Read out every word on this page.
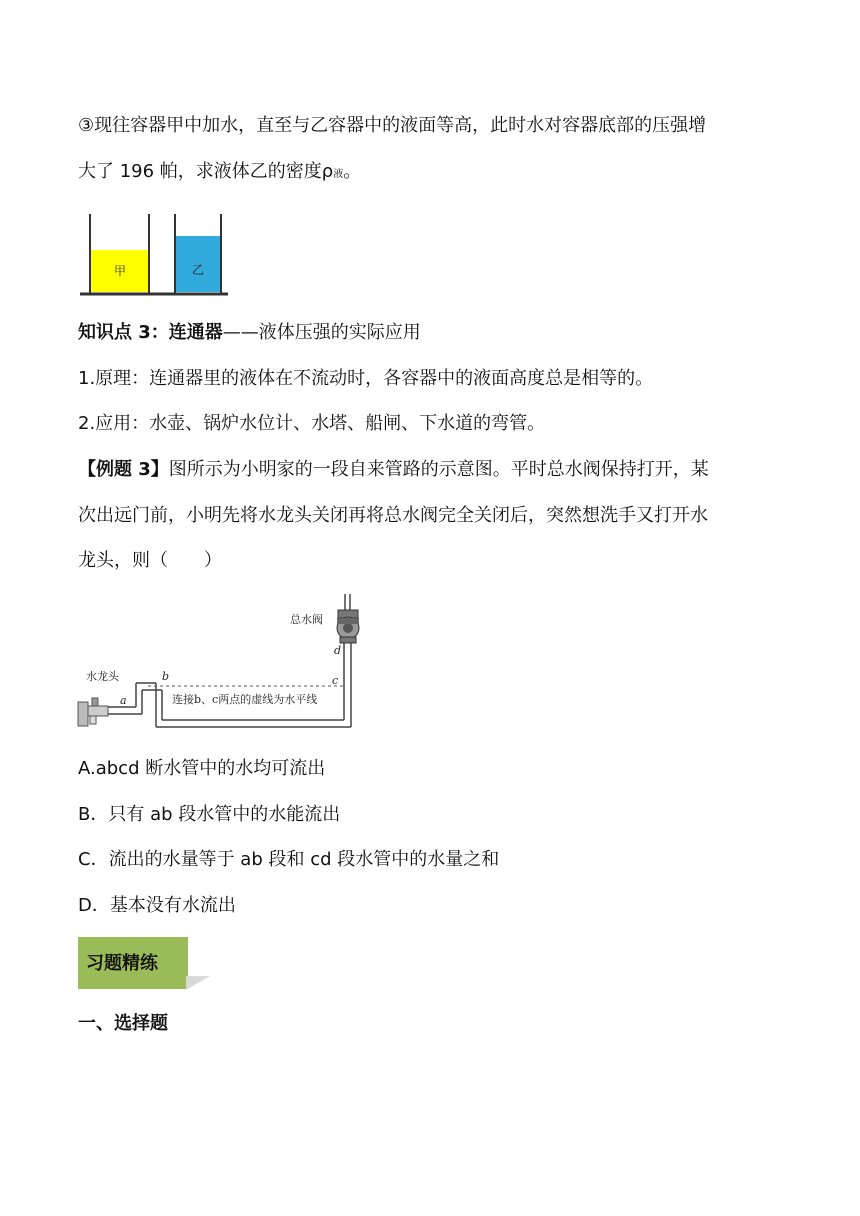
③现往容器甲中加水，直至与乙容器中的液面等高，此时水对容器底部的压强增
大了 196 帕，求液体乙的密度ρ液。
甲	乙
知识点 3：连通器——液体压强的实际应用
1.原理：连通器里的液体在不流动时，各容器中的液面高度总是相等的。
2.应用：水壶、锅炉水位计、水塔、船闸、下水道的弯管。
【例题 3】图所示为小明家的一段自来管路的示意图。平时总水阀保持打开，某
次出远门前，小明先将水龙头关闭再将总水阀完全关闭后，突然想洗手又打开水
龙头，则（　　）
总水阀
水龙头
a
b	c
d
连接b、c两点的虚线为水平线
A.abcd 断水管中的水均可流出
B．只有 ab 段水管中的水能流出
C．流出的水量等于 ab 段和 cd 段水管中的水量之和
D．基本没有水流出
习题精练
一、选择题
